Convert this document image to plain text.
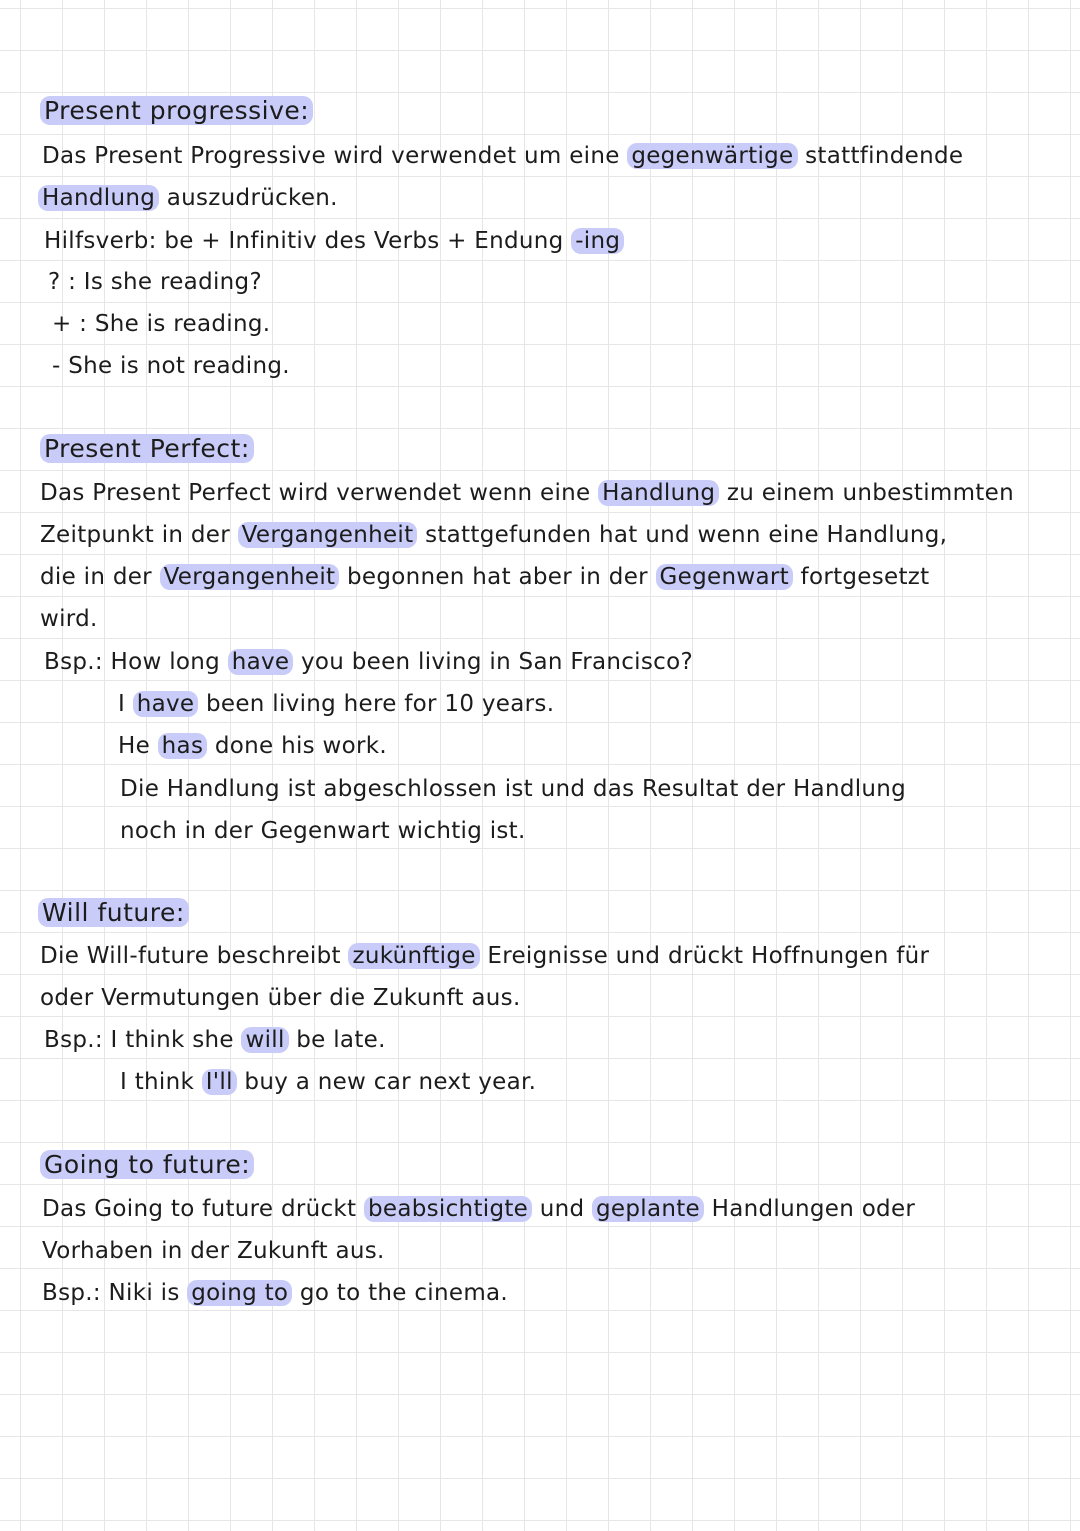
Present progressive:
Das Present Progressive wird verwendet um eine gegenwärtige stattfindende
Handlung auszudrücken.
Hilfsverb: be + Infinitiv des Verbs + Endung -ing
? : Is she reading?
+ : She is reading.
- She is not reading.
Present Perfect:
Das Present Perfect wird verwendet wenn eine Handlung zu einem unbestimmten
Zeitpunkt in der Vergangenheit stattgefunden hat und wenn eine Handlung,
die in der Vergangenheit begonnen hat aber in der Gegenwart fortgesetzt
wird.
Bsp.: How long have you been living in San Francisco?
I have been living here for 10 years.
He has done his work.
Die Handlung ist abgeschlossen ist und das Resultat der Handlung
noch in der Gegenwart wichtig ist.
Will future:
Die Will-future beschreibt zukünftige Ereignisse und drückt Hoffnungen für
oder Vermutungen über die Zukunft aus.
Bsp.: I think she will be late.
I think I'll buy a new car next year.
Going to future:
Das Going to future drückt beabsichtigte und geplante Handlungen oder
Vorhaben in der Zukunft aus.
Bsp.: Niki is going to go to the cinema.
